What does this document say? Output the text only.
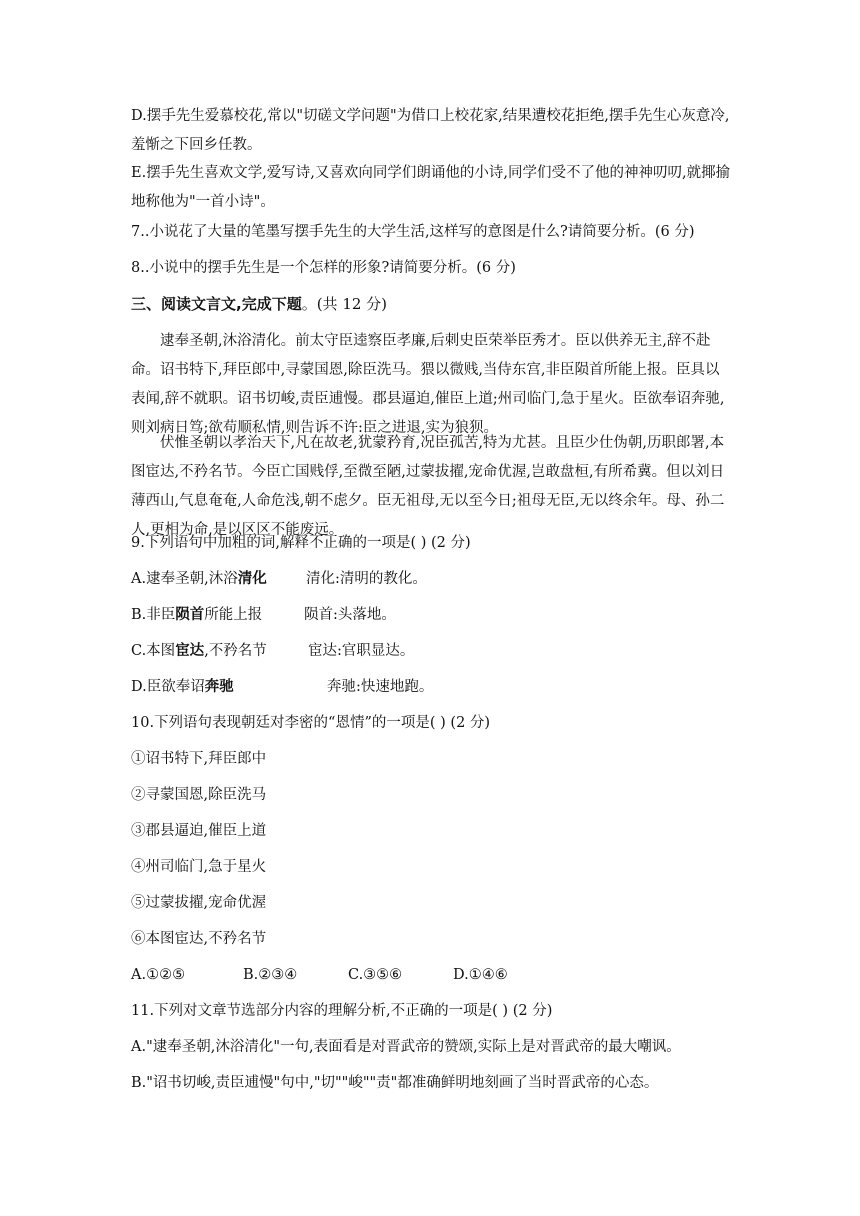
D.摆手先生爱慕校花,常以"切磋文学问题"为借口上校花家,结果遭校花拒绝,摆手先生心灰意冷,羞惭之下回乡任教。
E.摆手先生喜欢文学,爱写诗,又喜欢向同学们朗诵他的小诗,同学们受不了他的神神叨叨,就揶揄地称他为"一首小诗"。
7..小说花了大量的笔墨写摆手先生的大学生活,这样写的意图是什么?请简要分析。(6 分)
8..小说中的摆手先生是一个怎样的形象?请简要分析。(6 分)
三、阅读文言文,完成下题。(共 12 分)
逮奉圣朝,沐浴清化。前太守臣逵察臣孝廉,后刺史臣荣举臣秀才。臣以供养无主,辞不赴命。诏书特下,拜臣郎中,寻蒙国恩,除臣洗马。猥以微贱,当侍东宫,非臣陨首所能上报。臣具以表闻,辞不就职。诏书切峻,责臣逋慢。郡县逼迫,催臣上道;州司临门,急于星火。臣欲奉诏奔驰,则刘病日笃;欲苟顺私情,则告诉不许:臣之进退,实为狼狈。
伏惟圣朝以孝治天下,凡在故老,犹蒙矜育,况臣孤苦,特为尤甚。且臣少仕伪朝,历职郎署,本图宦达,不矜名节。今臣亡国贱俘,至微至陋,过蒙拔擢,宠命优渥,岂敢盘桓,有所希冀。但以刘日薄西山,气息奄奄,人命危浅,朝不虑夕。臣无祖母,无以至今日;祖母无臣,无以终余年。母、孙二人,更相为命,是以区区不能废远。
9.下列语句中加粗的词,解释不正确的一项是( ) (2 分)
A.逮奉圣朝,沐浴清化	清化:清明的教化。
B.非臣陨首所能上报	陨首:头落地。
C.本图宦达,不矜名节	宦达:官职显达。
D.臣欲奉诏奔驰	奔驰:快速地跑。
10.下列语句表现朝廷对李密的“恩情”的一项是( ) (2 分)
①诏书特下,拜臣郎中
②寻蒙国恩,除臣洗马
③郡县逼迫,催臣上道
④州司临门,急于星火
⑤过蒙拔擢,宠命优渥
⑥本图宦达,不矜名节
A.①②⑤	B.②③④	C.③⑤⑥	D.①④⑥
11.下列对文章节选部分内容的理解分析,不正确的一项是( ) (2 分)
A."逮奉圣朝,沐浴清化"一句,表面看是对晋武帝的赞颂,实际上是对晋武帝的最大嘲讽。
B."诏书切峻,责臣逋慢"句中,"切""峻""责"都准确鲜明地刻画了当时晋武帝的心态。
